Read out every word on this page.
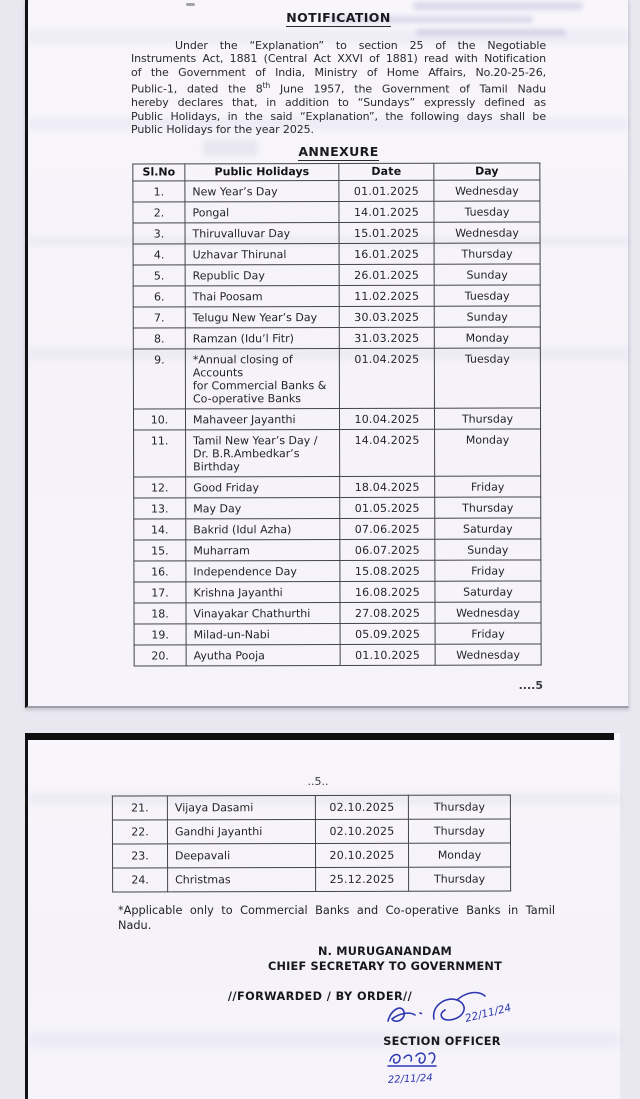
NOTIFICATION
Under the “Explanation” to section 25 of the Negotiable
Instruments Act, 1881 (Central Act XXVI of 1881) read with Notification
of the Government of India, Ministry of Home Affairs, No.20-25-26,
Public-1, dated the 8th June 1957, the Government of Tamil Nadu
hereby declares that, in addition to “Sundays” expressly defined as
Public Holidays, in the said “Explanation”, the following days shall be
Public Holidays for the year 2025.
ANNEXURE
Sl.No	Public Holidays	Date	Day
1.	New Year’s Day	01.01.2025	Wednesday
2.	Pongal	14.01.2025	Tuesday
3.	Thiruvalluvar Day	15.01.2025	Wednesday
4.	Uzhavar Thirunal	16.01.2025	Thursday
5.	Republic Day	26.01.2025	Sunday
6.	Thai Poosam	11.02.2025	Tuesday
7.	Telugu New Year’s Day	30.03.2025	Sunday
8.	Ramzan (Idu’l Fitr)	31.03.2025	Monday
9.	*Annual closing of
Accounts
for Commercial Banks &
Co-operative Banks	01.04.2025	Tuesday
10.	Mahaveer Jayanthi	10.04.2025	Thursday
11.	Tamil New Year’s Day /
Dr. B.R.Ambedkar’s
Birthday	14.04.2025	Monday
12.	Good Friday	18.04.2025	Friday
13.	May Day	01.05.2025	Thursday
14.	Bakrid (Idul Azha)	07.06.2025	Saturday
15.	Muharram	06.07.2025	Sunday
16.	Independence Day	15.08.2025	Friday
17.	Krishna Jayanthi	16.08.2025	Saturday
18.	Vinayakar Chathurthi	27.08.2025	Wednesday
19.	Milad-un-Nabi	05.09.2025	Friday
20.	Ayutha Pooja	01.10.2025	Wednesday
....5
..5..
21.	Vijaya Dasami	02.10.2025	Thursday
22.	Gandhi Jayanthi	02.10.2025	Thursday
23.	Deepavali	20.10.2025	Monday
24.	Christmas	25.12.2025	Thursday
*Applicable only to Commercial Banks and Co-operative Banks in Tamil
Nadu.
N. MURUGANANDAM
CHIEF SECRETARY TO GOVERNMENT
//FORWARDED / BY ORDER//
22/11/24
SECTION OFFICER
22/11/24
